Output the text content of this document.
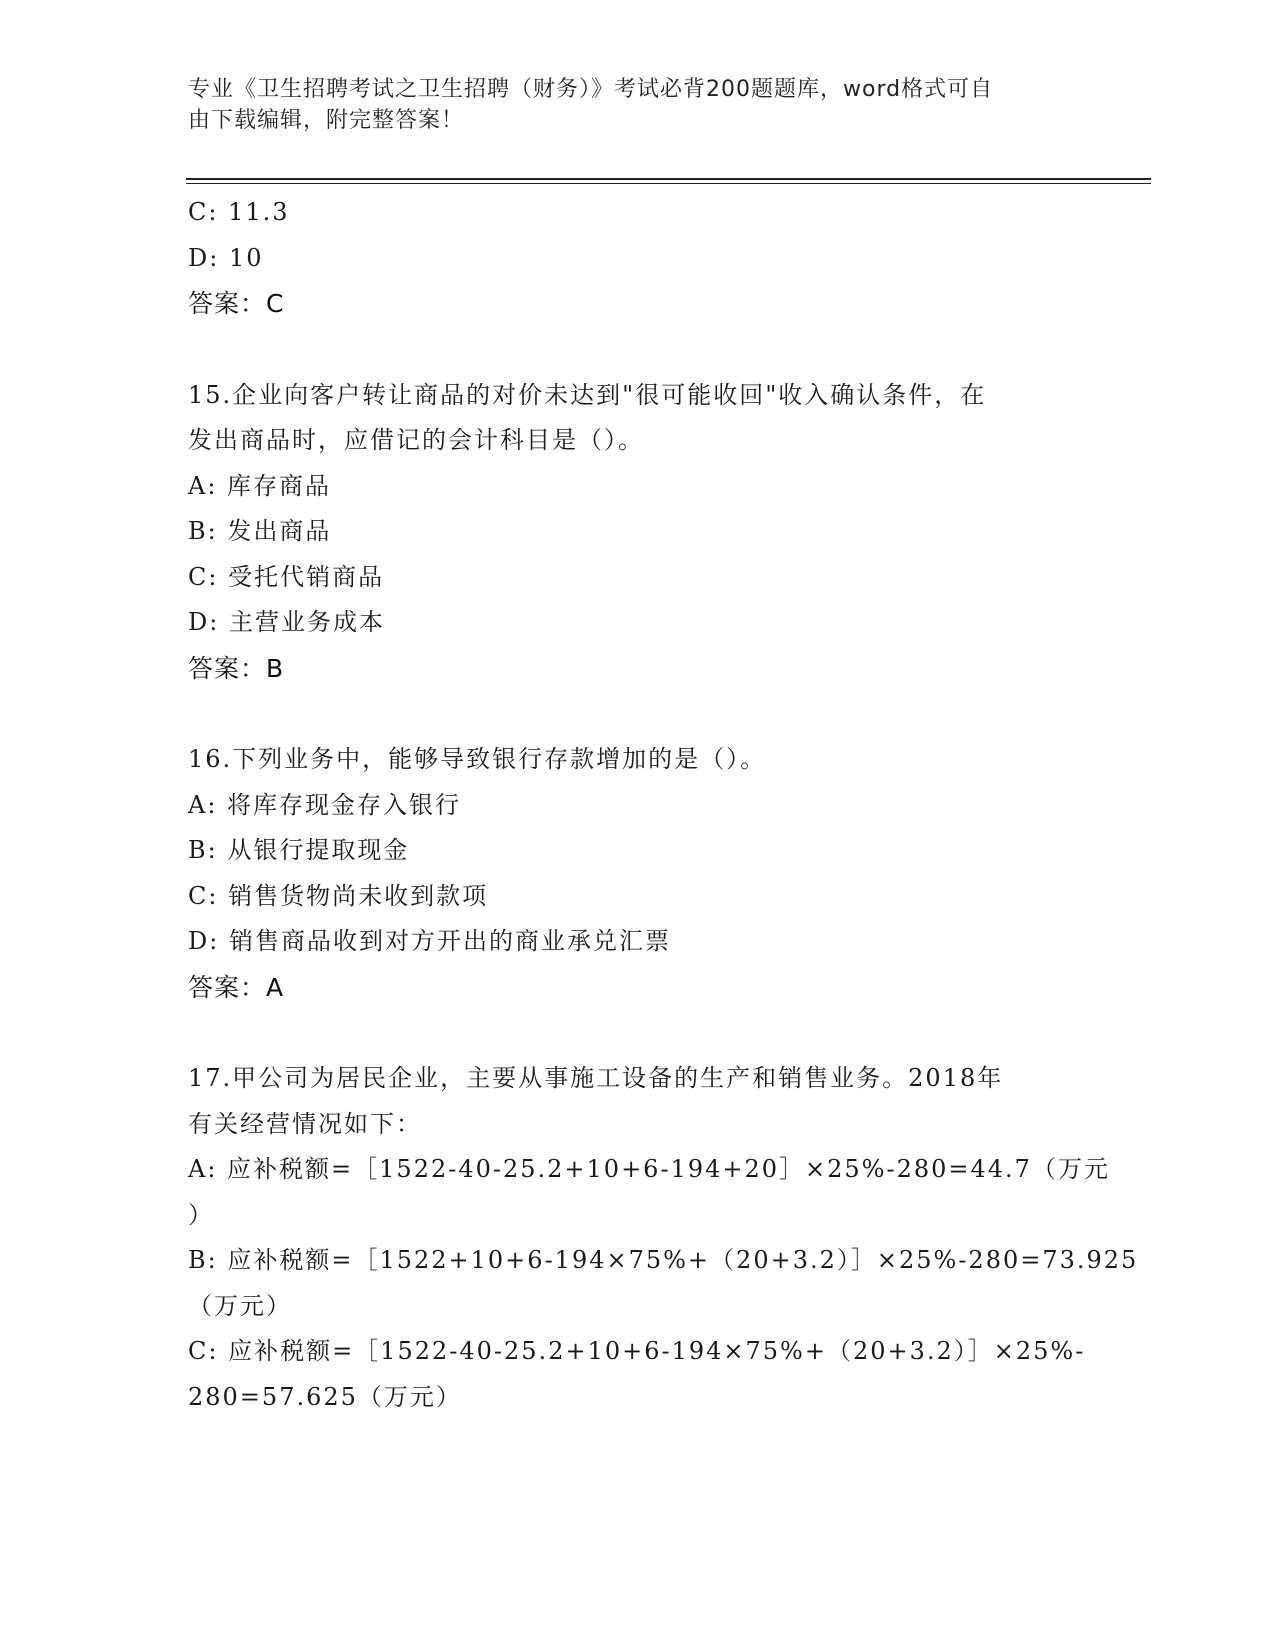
专业《卫生招聘考试之卫生招聘（财务）》考试必背200题题库，word格式可自
由下载编辑，附完整答案！
C: 11.3
D: 10
答案：C
15.企业向客户转让商品的对价未达到"很可能收回"收入确认条件，在
发出商品时，应借记的会计科目是（）。
A: 库存商品
B: 发出商品
C: 受托代销商品
D: 主营业务成本
答案：B
16.下列业务中，能够导致银行存款增加的是（）。
A: 将库存现金存入银行
B: 从银行提取现金
C: 销售货物尚未收到款项
D: 销售商品收到对方开出的商业承兑汇票
答案：A
17.甲公司为居民企业，主要从事施工设备的生产和销售业务。2018年
有关经营情况如下：
A: 应补税额=［1522-40-25.2+10+6-194+20］×25%-280=44.7（万元
）
B: 应补税额=［1522+10+6-194×75%+（20+3.2）］×25%-280=73.925
（万元）
C: 应补税额=［1522-40-25.2+10+6-194×75%+（20+3.2）］×25%-
280=57.625（万元）
